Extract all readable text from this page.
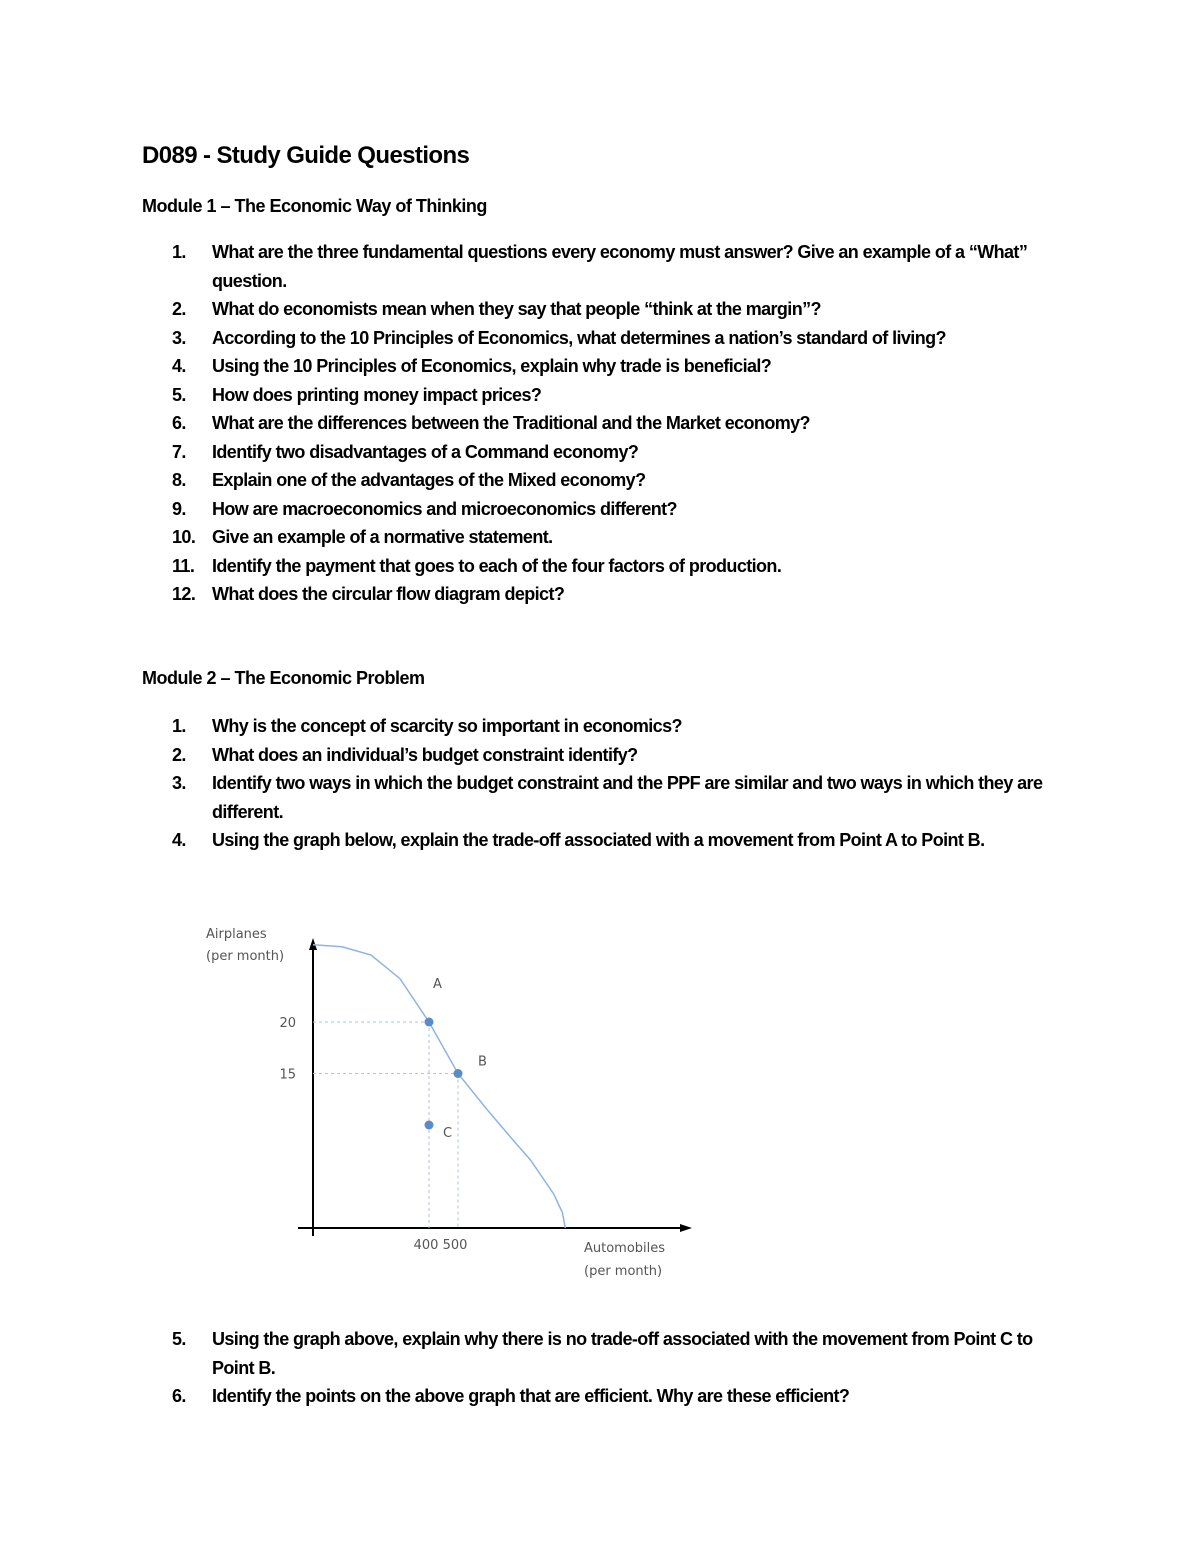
D089 - Study Guide Questions
Module 1 – The Economic Way of Thinking
1. What are the three fundamental questions every economy must answer? Give an example of a “What” question.
2. What do economists mean when they say that people “think at the margin”?
3. According to the 10 Principles of Economics, what determines a nation’s standard of living?
4. Using the 10 Principles of Economics, explain why trade is beneficial?
5. How does printing money impact prices?
6. What are the differences between the Traditional and the Market economy?
7. Identify two disadvantages of a Command economy?
8. Explain one of the advantages of the Mixed economy?
9. How are macroeconomics and microeconomics different?
10. Give an example of a normative statement.
11. Identify the payment that goes to each of the four factors of production.
12. What does the circular flow diagram depict?
Module 2 – The Economic Problem
1. Why is the concept of scarcity so important in economics?
2. What does an individual’s budget constraint identify?
3. Identify two ways in which the budget constraint and the PPF are similar and two ways in which they are different.
4. Using the graph below, explain the trade-off associated with a movement from Point A to Point B.
A
B
C
20
15
400 500
Airplanes
(per month)
Automobiles
(per month)
5. Using the graph above, explain why there is no trade-off associated with the movement from Point C to Point B.
6. Identify the points on the above graph that are efficient. Why are these efficient?
